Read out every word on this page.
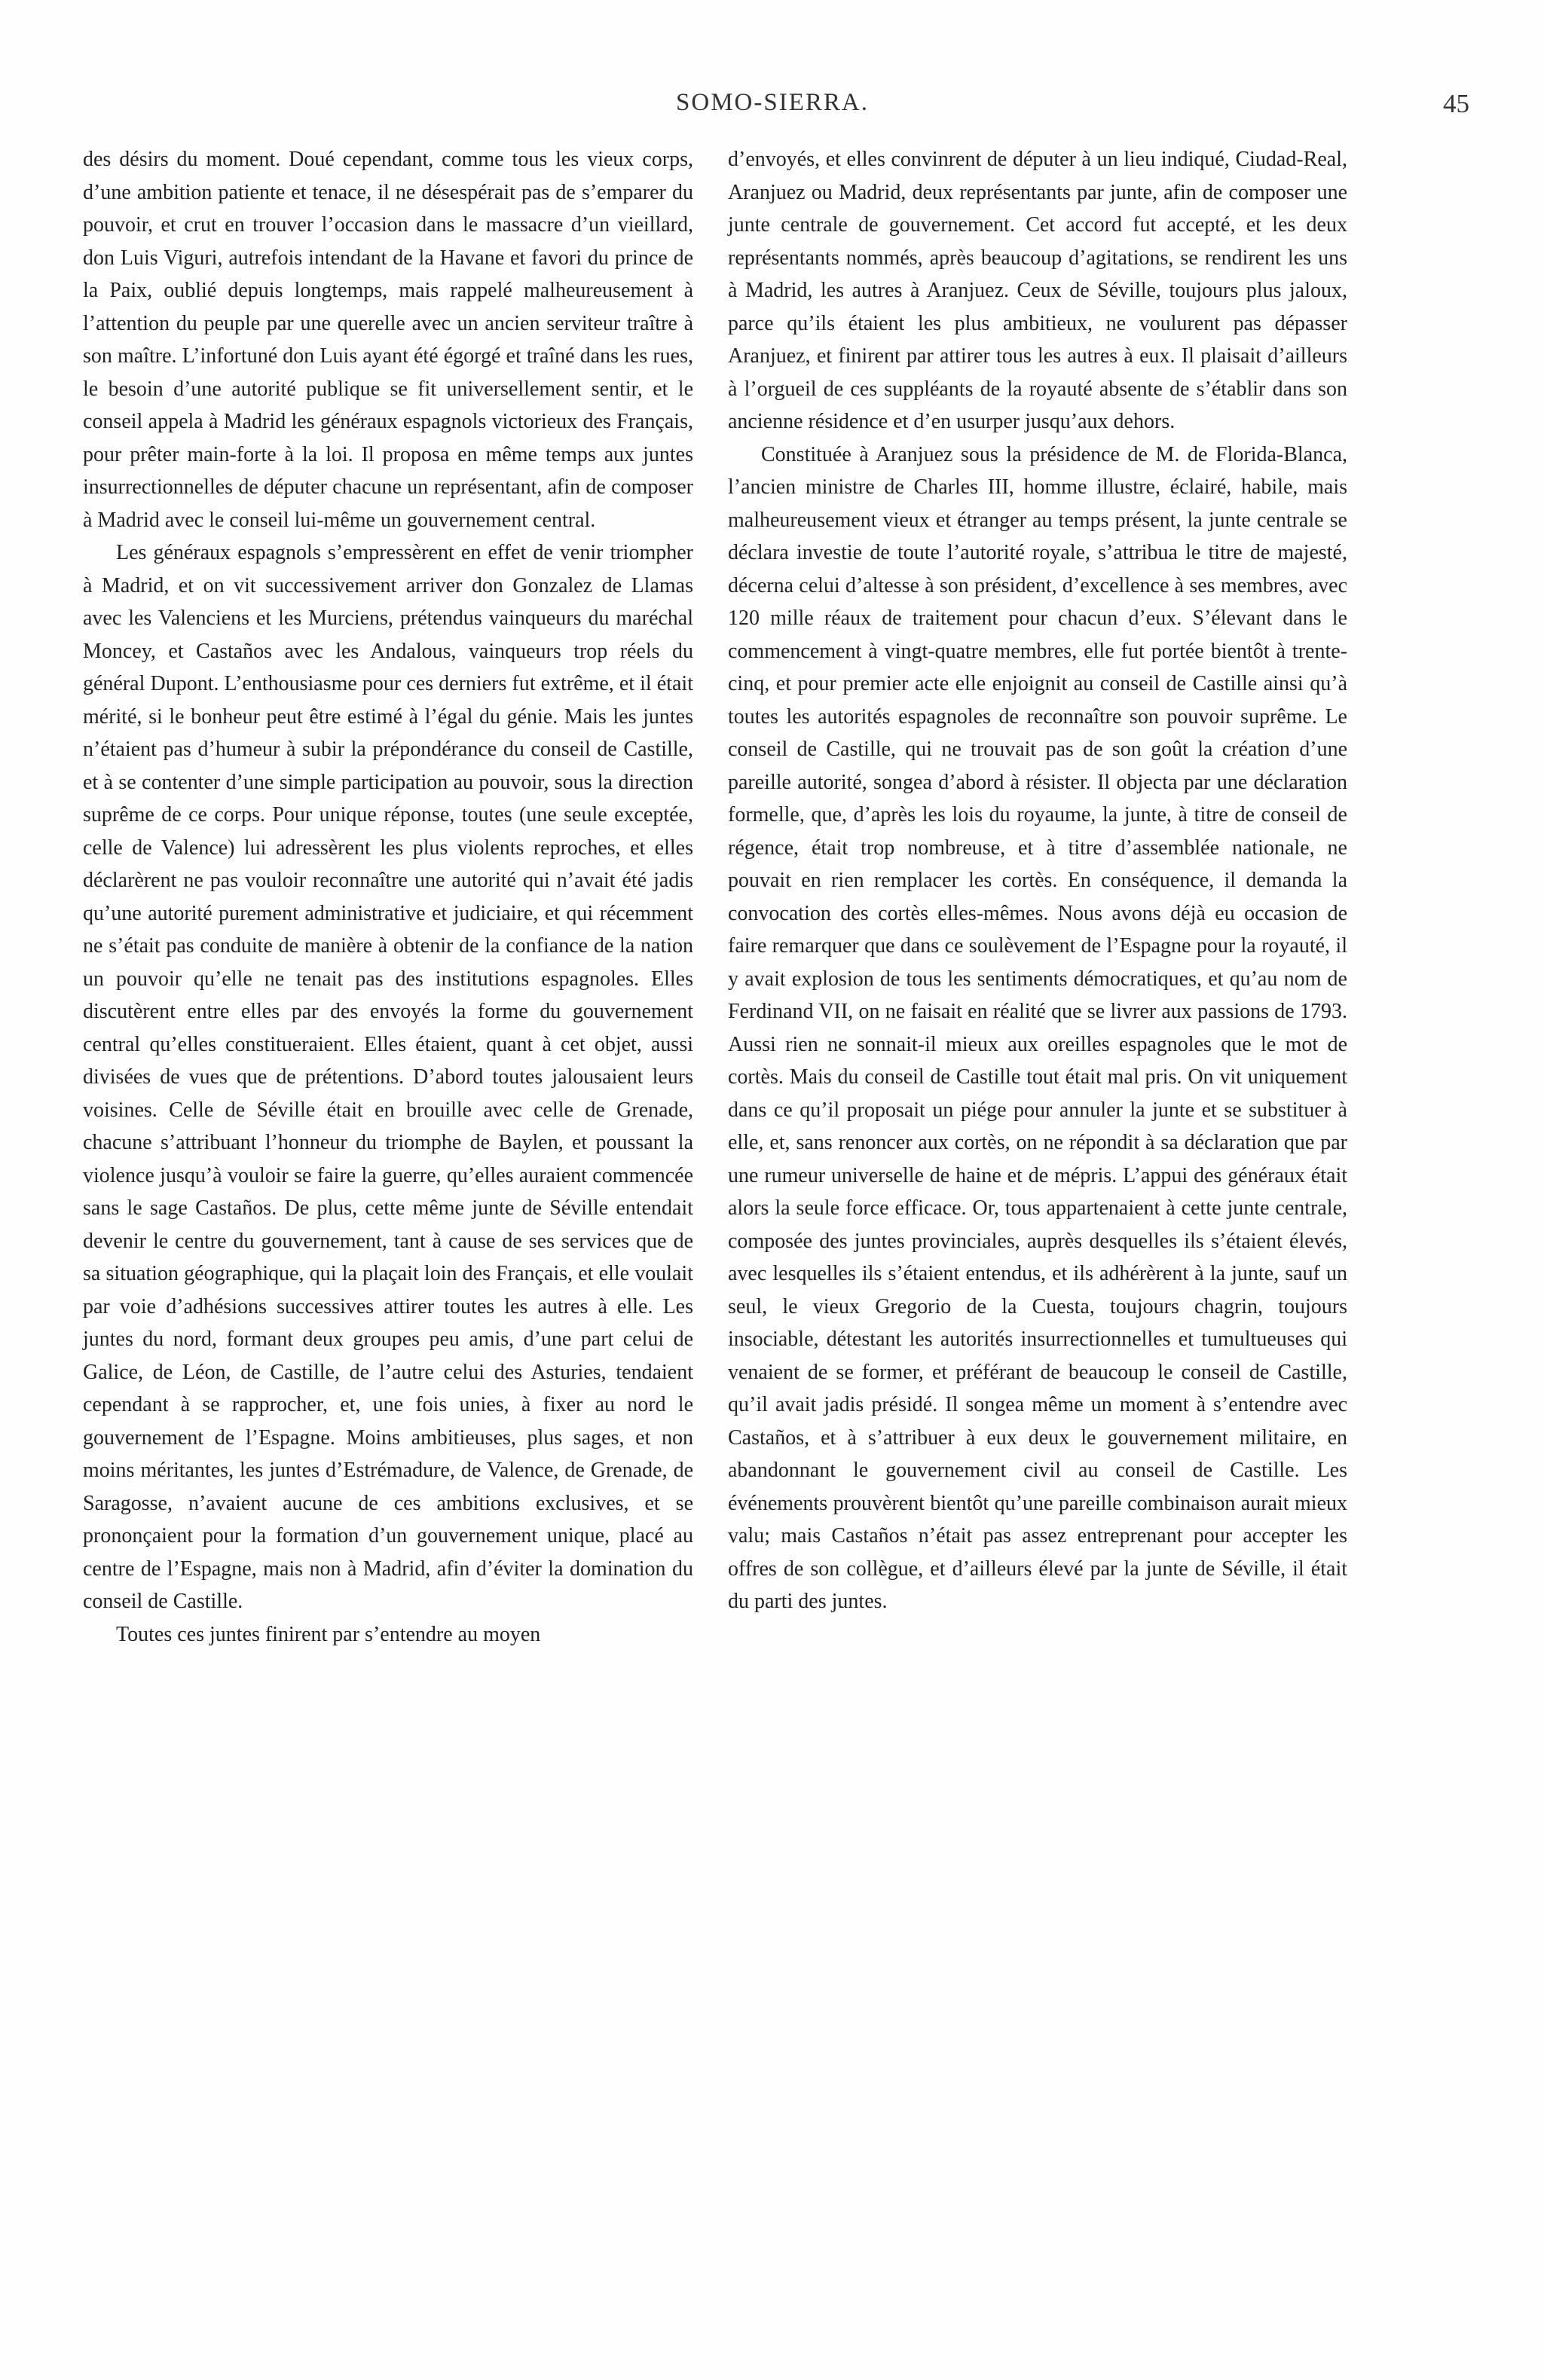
SOMO-SIERRA.	45

des désirs du moment. Doué cependant, comme tous les vieux corps, d’une ambition patiente et tenace, il ne désespérait pas de s’emparer du pouvoir, et crut en trouver l’occasion dans le massacre d’un vieillard, don Luis Viguri, autrefois intendant de la Havane et favori du prince de la Paix, oublié depuis longtemps, mais rappelé malheureusement à l’attention du peuple par une querelle avec un ancien serviteur traître à son maître. L’infortuné don Luis ayant été égorgé et traîné dans les rues, le besoin d’une autorité publique se fit universellement sentir, et le conseil appela à Madrid les généraux espagnols victorieux des Français, pour prêter main-forte à la loi. Il proposa en même temps aux juntes insurrectionnelles de députer chacune un représentant, afin de composer à Madrid avec le conseil lui-même un gouvernement central.

Les généraux espagnols s’empressèrent en effet de venir triompher à Madrid, et on vit successivement arriver don Gonzalez de Llamas avec les Valenciens et les Murciens, prétendus vainqueurs du maréchal Moncey, et Castaños avec les Andalous, vainqueurs trop réels du général Dupont. L’enthousiasme pour ces derniers fut extrême, et il était mérité, si le bonheur peut être estimé à l’égal du génie. Mais les juntes n’étaient pas d’humeur à subir la prépondérance du conseil de Castille, et à se contenter d’une simple participation au pouvoir, sous la direction suprême de ce corps. Pour unique réponse, toutes (une seule exceptée, celle de Valence) lui adressèrent les plus violents reproches, et elles déclarèrent ne pas vouloir reconnaître une autorité qui n’avait été jadis qu’une autorité purement administrative et judiciaire, et qui récemment ne s’était pas conduite de manière à obtenir de la confiance de la nation un pouvoir qu’elle ne tenait pas des institutions espagnoles. Elles discutèrent entre elles par des envoyés la forme du gouvernement central qu’elles constitueraient. Elles étaient, quant à cet objet, aussi divisées de vues que de prétentions. D’abord toutes jalousaient leurs voisines. Celle de Séville était en brouille avec celle de Grenade, chacune s’attribuant l’honneur du triomphe de Baylen, et poussant la violence jusqu’à vouloir se faire la guerre, qu’elles auraient commencée sans le sage Castaños. De plus, cette même junte de Séville entendait devenir le centre du gouvernement, tant à cause de ses services que de sa situation géographique, qui la plaçait loin des Français, et elle voulait par voie d’adhésions successives attirer toutes les autres à elle. Les juntes du nord, formant deux groupes peu amis, d’une part celui de Galice, de Léon, de Castille, de l’autre celui des Asturies, tendaient cependant à se rapprocher, et, une fois unies, à fixer au nord le gouvernement de l’Espagne. Moins ambitieuses, plus sages, et non moins méritantes, les juntes d’Estrémadure, de Valence, de Grenade, de Saragosse, n’avaient aucune de ces ambitions exclusives, et se prononçaient pour la formation d’un gouvernement unique, placé au centre de l’Espagne, mais non à Madrid, afin d’éviter la domination du conseil de Castille.

Toutes ces juntes finirent par s’entendre au moyen

d’envoyés, et elles convinrent de députer à un lieu indiqué, Ciudad-Real, Aranjuez ou Madrid, deux représentants par junte, afin de composer une junte centrale de gouvernement. Cet accord fut accepté, et les deux représentants nommés, après beaucoup d’agitations, se rendirent les uns à Madrid, les autres à Aranjuez. Ceux de Séville, toujours plus jaloux, parce qu’ils étaient les plus ambitieux, ne voulurent pas dépasser Aranjuez, et finirent par attirer tous les autres à eux. Il plaisait d’ailleurs à l’orgueil de ces suppléants de la royauté absente de s’établir dans son ancienne résidence et d’en usurper jusqu’aux dehors.

Constituée à Aranjuez sous la présidence de M. de Florida-Blanca, l’ancien ministre de Charles III, homme illustre, éclairé, habile, mais malheureusement vieux et étranger au temps présent, la junte centrale se déclara investie de toute l’autorité royale, s’attribua le titre de majesté, décerna celui d’altesse à son président, d’excellence à ses membres, avec 120 mille réaux de traitement pour chacun d’eux. S’élevant dans le commencement à vingt-quatre membres, elle fut portée bientôt à trente-cinq, et pour premier acte elle enjoignit au conseil de Castille ainsi qu’à toutes les autorités espagnoles de reconnaître son pouvoir suprême. Le conseil de Castille, qui ne trouvait pas de son goût la création d’une pareille autorité, songea d’abord à résister. Il objecta par une déclaration formelle, que, d’après les lois du royaume, la junte, à titre de conseil de régence, était trop nombreuse, et à titre d’assemblée nationale, ne pouvait en rien remplacer les cortès. En conséquence, il demanda la convocation des cortès elles-mêmes. Nous avons déjà eu occasion de faire remarquer que dans ce soulèvement de l’Espagne pour la royauté, il y avait explosion de tous les sentiments démocratiques, et qu’au nom de Ferdinand VII, on ne faisait en réalité que se livrer aux passions de 1793. Aussi rien ne sonnait-il mieux aux oreilles espagnoles que le mot de cortès. Mais du conseil de Castille tout était mal pris. On vit uniquement dans ce qu’il proposait un piége pour annuler la junte et se substituer à elle, et, sans renoncer aux cortès, on ne répondit à sa déclaration que par une rumeur universelle de haine et de mépris. L’appui des généraux était alors la seule force efficace. Or, tous appartenaient à cette junte centrale, composée des juntes provinciales, auprès desquelles ils s’étaient élevés, avec lesquelles ils s’étaient entendus, et ils adhérèrent à la junte, sauf un seul, le vieux Gregorio de la Cuesta, toujours chagrin, toujours insociable, détestant les autorités insurrectionnelles et tumultueuses qui venaient de se former, et préférant de beaucoup le conseil de Castille, qu’il avait jadis présidé. Il songea même un moment à s’entendre avec Castaños, et à s’attribuer à eux deux le gouvernement militaire, en abandonnant le gouvernement civil au conseil de Castille. Les événements prouvèrent bientôt qu’une pareille combinaison aurait mieux valu; mais Castaños n’était pas assez entreprenant pour accepter les offres de son collègue, et d’ailleurs élevé par la junte de Séville, il était du parti des juntes.
